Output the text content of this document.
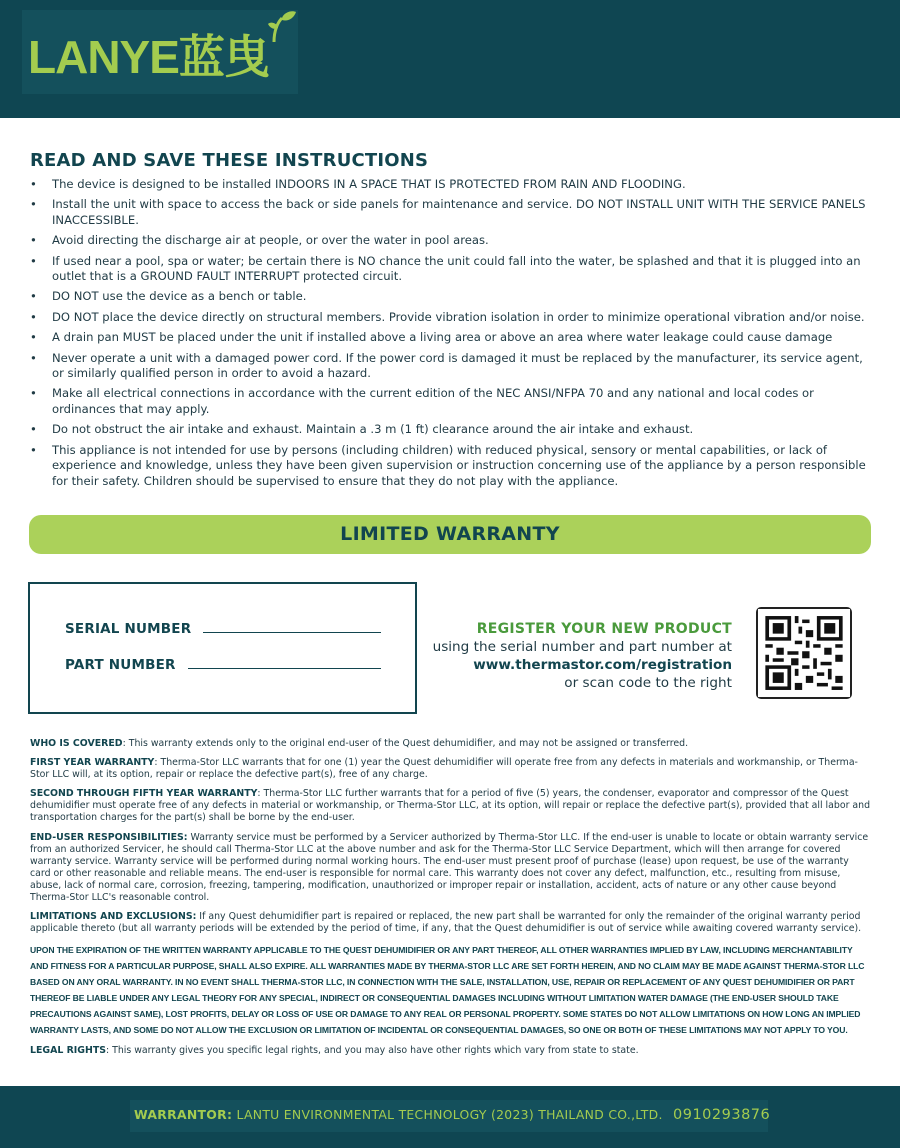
LANYE蓝曳
READ AND SAVE THESE INSTRUCTIONS
• The device is designed to be installed INDOORS IN A SPACE THAT IS PROTECTED FROM RAIN AND FLOODING.
• Install the unit with space to access the back or side panels for maintenance and service. DO NOT INSTALL UNIT WITH THE SERVICE PANELS INACCESSIBLE.
• Avoid directing the discharge air at people, or over the water in pool areas.
• If used near a pool, spa or water; be certain there is NO chance the unit could fall into the water, be splashed and that it is plugged into an outlet that is a GROUND FAULT INTERRUPT protected circuit.
• DO NOT use the device as a bench or table.
• DO NOT place the device directly on structural members. Provide vibration isolation in order to minimize operational vibration and/or noise.
• A drain pan MUST be placed under the unit if installed above a living area or above an area where water leakage could cause damage
• Never operate a unit with a damaged power cord. If the power cord is damaged it must be replaced by the manufacturer, its service agent, or similarly qualified person in order to avoid a hazard.
• Make all electrical connections in accordance with the current edition of the NEC ANSI/NFPA 70 and any national and local codes or ordinances that may apply.
• Do not obstruct the air intake and exhaust. Maintain a .3 m (1 ft) clearance around the air intake and exhaust.
• This appliance is not intended for use by persons (including children) with reduced physical, sensory or mental capabilities, or lack of experience and knowledge, unless they have been given supervision or instruction concerning use of the appliance by a person responsible for their safety. Children should be supervised to ensure that they do not play with the appliance.
LIMITED WARRANTY
SERIAL NUMBER
PART NUMBER
REGISTER YOUR NEW PRODUCT
using the serial number and part number at
www.thermastor.com/registration
or scan code to the right

WHO IS COVERED: This warranty extends only to the original end-user of the Quest dehumidifier, and may not be assigned or transferred.

FIRST YEAR WARRANTY: Therma-Stor LLC warrants that for one (1) year the Quest dehumidifier will operate free from any defects in materials and workmanship, or Therma-Stor LLC will, at its option, repair or replace the defective part(s), free of any charge.

SECOND THROUGH FIFTH YEAR WARRANTY: Therma-Stor LLC further warrants that for a period of five (5) years, the condenser, evaporator and compressor of the Quest dehumidifier must operate free of any defects in material or workmanship, or Therma-Stor LLC, at its option, will repair or replace the defective part(s), provided that all labor and transportation charges for the part(s) shall be borne by the end-user.

END-USER RESPONSIBILITIES: Warranty service must be performed by a Servicer authorized by Therma-Stor LLC. If the end-user is unable to locate or obtain warranty service from an authorized Servicer, he should call Therma-Stor LLC at the above number and ask for the Therma-Stor LLC Service Department, which will then arrange for covered warranty service. Warranty service will be performed during normal working hours. The end-user must present proof of purchase (lease) upon request, be use of the warranty card or other reasonable and reliable means. The end-user is responsible for normal care. This warranty does not cover any defect, malfunction, etc., resulting from misuse, abuse, lack of normal care, corrosion, freezing, tampering, modification, unauthorized or improper repair or installation, accident, acts of nature or any other cause beyond Therma-Stor LLC's reasonable control.

LIMITATIONS AND EXCLUSIONS: If any Quest dehumidifier part is repaired or replaced, the new part shall be warranted for only the remainder of the original warranty period applicable thereto (but all warranty periods will be extended by the period of time, if any, that the Quest dehumidifier is out of service while awaiting covered warranty service).

UPON THE EXPIRATION OF THE WRITTEN WARRANTY APPLICABLE TO THE QUEST DEHUMIDIFIER OR ANY PART THEREOF, ALL OTHER WARRANTIES IMPLIED BY LAW, INCLUDING MERCHANTABILITY AND FITNESS FOR A PARTICULAR PURPOSE, SHALL ALSO EXPIRE. ALL WARRANTIES MADE BY THERMA-STOR LLC ARE SET FORTH HEREIN, AND NO CLAIM MAY BE MADE AGAINST THERMA-STOR LLC BASED ON ANY ORAL WARRANTY. IN NO EVENT SHALL THERMA-STOR LLC, IN CONNECTION WITH THE SALE, INSTALLATION, USE, REPAIR OR REPLACEMENT OF ANY QUEST DEHUMIDIFIER OR PART THEREOF BE LIABLE UNDER ANY LEGAL THEORY FOR ANY SPECIAL, INDIRECT OR CONSEQUENTIAL DAMAGES INCLUDING WITHOUT LIMITATION WATER DAMAGE (THE END-USER SHOULD TAKE PRECAUTIONS AGAINST SAME), LOST PROFITS, DELAY OR LOSS OF USE OR DAMAGE TO ANY REAL OR PERSONAL PROPERTY. SOME STATES DO NOT ALLOW LIMITATIONS ON HOW LONG AN IMPLIED WARRANTY LASTS, AND SOME DO NOT ALLOW THE EXCLUSION OR LIMITATION OF INCIDENTAL OR CONSEQUENTIAL DAMAGES, SO ONE OR BOTH OF THESE LIMITATIONS MAY NOT APPLY TO YOU.

LEGAL RIGHTS: This warranty gives you specific legal rights, and you may also have other rights which vary from state to state.

WARRANTOR: LANTU ENVIRONMENTAL TECHNOLOGY (2023) THAILAND CO.,LTD. 0910293876
